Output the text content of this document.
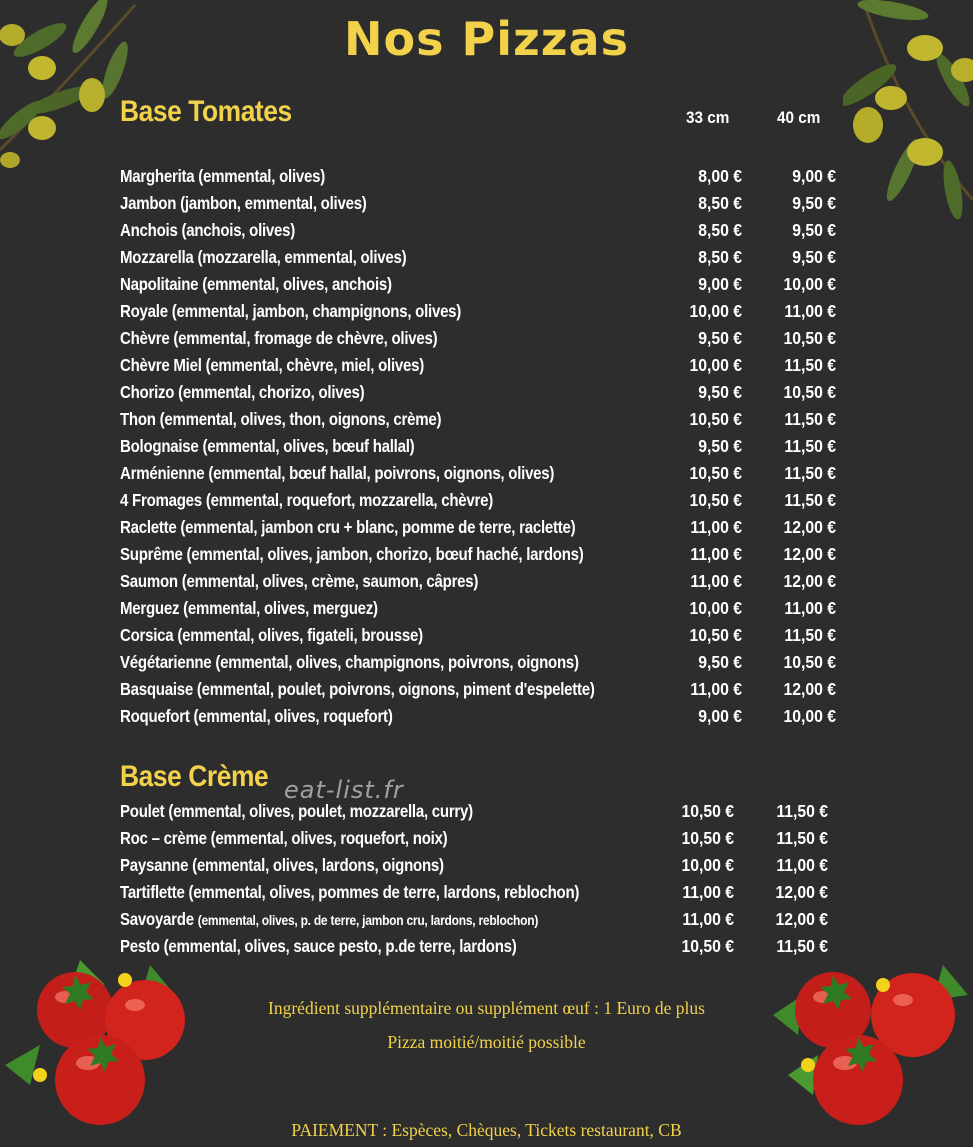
Nos Pizzas
Base Tomates	33 cm	40 cm
Margherita (emmental, olives)	8,00 €	9,00 €
Jambon (jambon, emmental, olives)	8,50 €	9,50 €
Anchois (anchois, olives)	8,50 €	9,50 €
Mozzarella (mozzarella, emmental, olives)	8,50 €	9,50 €
Napolitaine (emmental, olives, anchois)	9,00 €	10,00 €
Royale (emmental, jambon, champignons, olives)	10,00 €	11,00 €
Chèvre (emmental, fromage de chèvre, olives)	9,50 €	10,50 €
Chèvre Miel (emmental, chèvre, miel, olives)	10,00 €	11,50 €
Chorizo (emmental, chorizo, olives)	9,50 €	10,50 €
Thon (emmental, olives, thon, oignons, crème)	10,50 €	11,50 €
Bolognaise (emmental, olives, bœuf hallal)	9,50 €	11,50 €
Arménienne (emmental, bœuf hallal, poivrons, oignons, olives)	10,50 €	11,50 €
4 Fromages (emmental, roquefort, mozzarella, chèvre)	10,50 €	11,50 €
Raclette (emmental, jambon cru + blanc, pomme de terre, raclette)	11,00 €	12,00 €
Suprême (emmental, olives, jambon, chorizo, bœuf haché, lardons)	11,00 €	12,00 €
Saumon (emmental, olives, crème, saumon, câpres)	11,00 €	12,00 €
Merguez (emmental, olives, merguez)	10,00 €	11,00 €
Corsica (emmental, olives, figateli, brousse)	10,50 €	11,50 €
Végétarienne (emmental, olives, champignons, poivrons, oignons)	9,50 €	10,50 €
Basquaise (emmental, poulet, poivrons, oignons, piment d'espelette)	11,00 €	12,00 €
Roquefort (emmental, olives, roquefort)	9,00 €	10,00 €
Base Crème
Poulet (emmental, olives, poulet, mozzarella, curry)	10,50 €	11,50 €
Roc – crème (emmental, olives, roquefort, noix)	10,50 €	11,50 €
Paysanne (emmental, olives, lardons, oignons)	10,00 €	11,00 €
Tartiflette (emmental, olives, pommes de terre, lardons, reblochon)	11,00 €	12,00 €
Savoyarde (emmental, olives, p. de terre, jambon cru, lardons, reblochon)	11,00 €	12,00 €
Pesto (emmental, olives, sauce pesto, p.de terre, lardons)	10,50 €	11,50 €
eat-list.fr
Ingrédient supplémentaire ou supplément œuf : 1 Euro de plus
Pizza moitié/moitié possible
PAIEMENT : Espèces, Chèques, Tickets restaurant, CB
